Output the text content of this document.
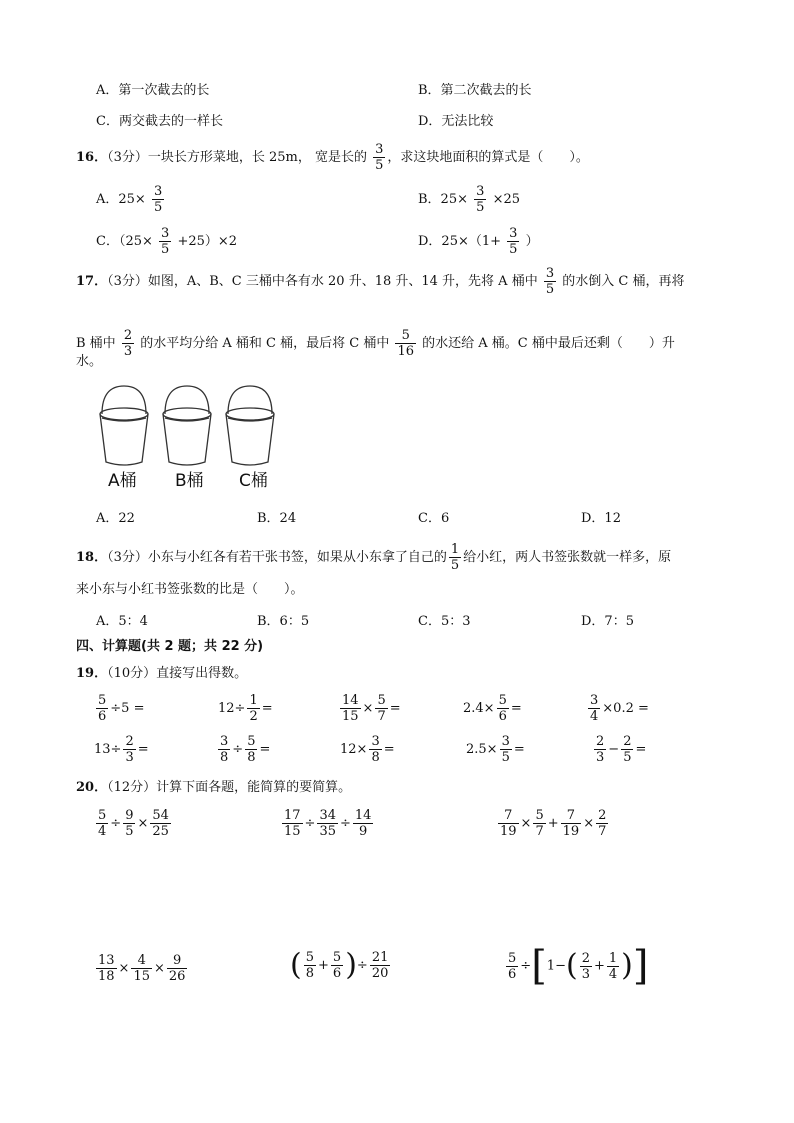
A．第一次截去的长	B．第二次截去的长
C．两交截去的一样长	D．无法比较
16．（3分）一块长方形菜地，长 25m， 宽是长的 $\frac{3}{5}$ ，求这块地面积的算式是（　　）。
A．$25\times \frac{3}{5}$	B．$25\times \frac{3}{5} \times 25$
C．$(25\times \frac{3}{5} +25)\times 2$	D．$25\times(1+ \frac{3}{5}$ ）
17．（3分）如图，A、B、C 三桶中各有水 20 升、18 升、14 升，先将 A 桶中 $\frac{3}{5}$ 的水倒入 C 桶，再将
B 桶中 $\frac{2}{3}$ 的水平均分给 A 桶和 C 桶，最后将 C 桶中 $\frac{5}{16}$ 的水还给 A 桶。C 桶中最后还剩（　　）升
水。
A桶 B桶 C桶
A．22	B．24	C．6	D．12
18．（3分）小东与小红各有若干张书签，如果从小东拿了自己的 $\frac{1}{5}$ 给小红，两人书签张数就一样多，原
来小东与小红书签张数的比是（　　）。
A．5：4	B．6：5	C．5：3	D．7：5
四、计算题(共 2 题；共 22 分)
19．（10分）直接写出得数。
$\frac{5}{6} \div 5$ =	$12\div \frac{1}{2}$ =	$\frac{14}{15} \times \frac{5}{7}$ =	$2.4\times \frac{5}{6}$ =	$\frac{3}{4} \times 0.2$ =
$13\div \frac{2}{3}$ =	$\frac{3}{8} \div \frac{5}{8}$ =	$12\times \frac{3}{8}$ =	$2.5\times \frac{3}{5}$ =	$\frac{2}{3} - \frac{2}{5}$ =
20．（12分）计算下面各题，能简算的要简算。
$\frac{5}{4} \div \frac{9}{5} \times \frac{54}{25}$	$\frac{17}{15} \div \frac{34}{35} \div \frac{14}{9}$	$\frac{7}{19} \times \frac{5}{7} + \frac{7}{19} \times \frac{2}{7}$
$\frac{13}{18} \times \frac{4}{15} \times \frac{9}{26}$	( $\frac{5}{8} + \frac{5}{6}$ )÷ $\frac{21}{20}$	$\frac{5}{6} \div[1-( \frac{2}{3} + \frac{1}{4}$ )]
